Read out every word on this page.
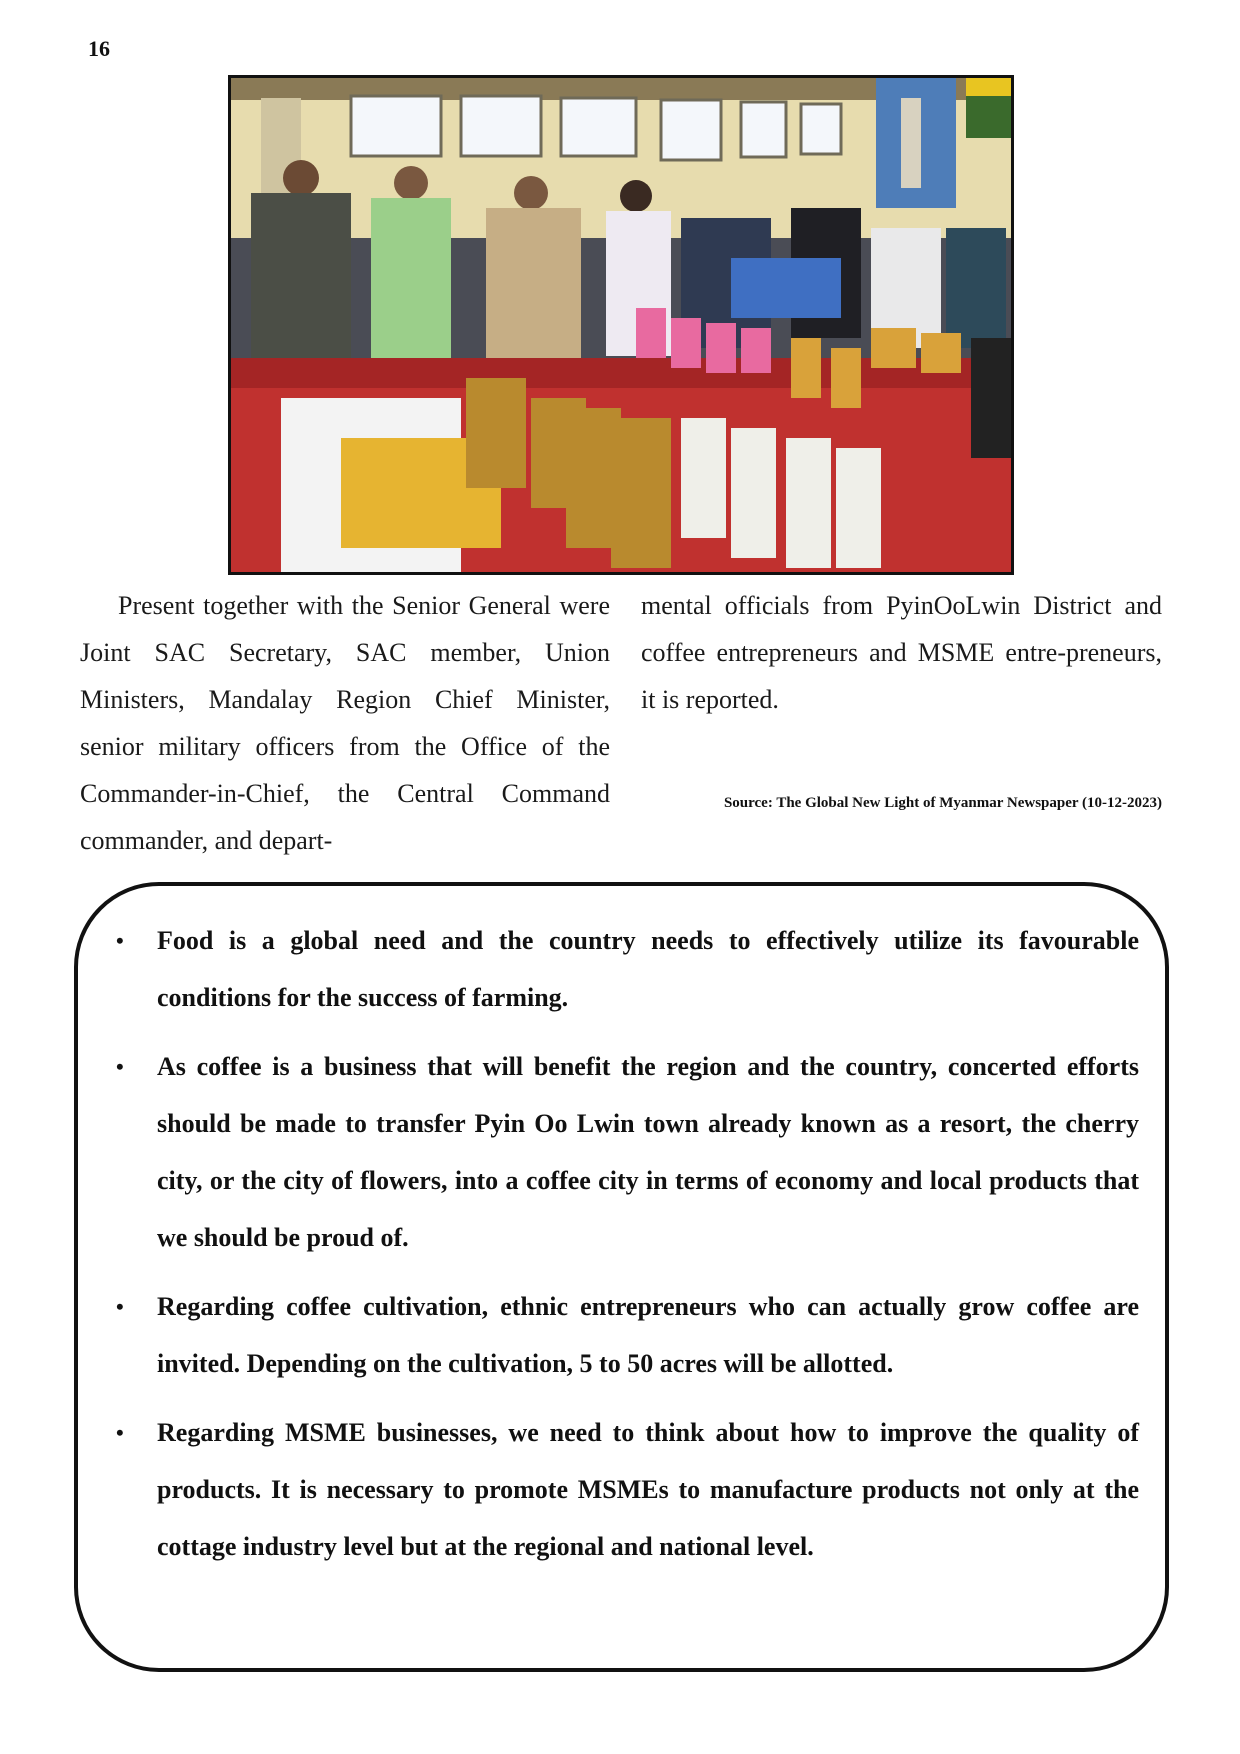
16

Present together with the Senior General were Joint SAC Secretary, SAC member, Union Ministers, Mandalay Region Chief Minister, senior military officers from the Office of the Commander-in-Chief, the Central Command commander, and depart-

mental officials from PyinOoLwin District and coffee entrepreneurs and MSME entre-preneurs, it is reported.

Source: The Global New Light of Myanmar Newspaper (10-12-2023)
• Food is a global need and the country needs to effectively utilize its favourable conditions for the success of farming.
• As coffee is a business that will benefit the region and the country, concerted efforts should be made to transfer Pyin Oo Lwin town already known as a resort, the cherry city, or the city of flowers, into a coffee city in terms of economy and local products that we should be proud of.
• Regarding coffee cultivation, ethnic entrepreneurs who can actually grow coffee are invited. Depending on the cultivation, 5 to 50 acres will be allotted.
• Regarding MSME businesses, we need to think about how to improve the quality of products. It is necessary to promote MSMEs to manufacture products not only at the cottage industry level but at the regional and national level.
